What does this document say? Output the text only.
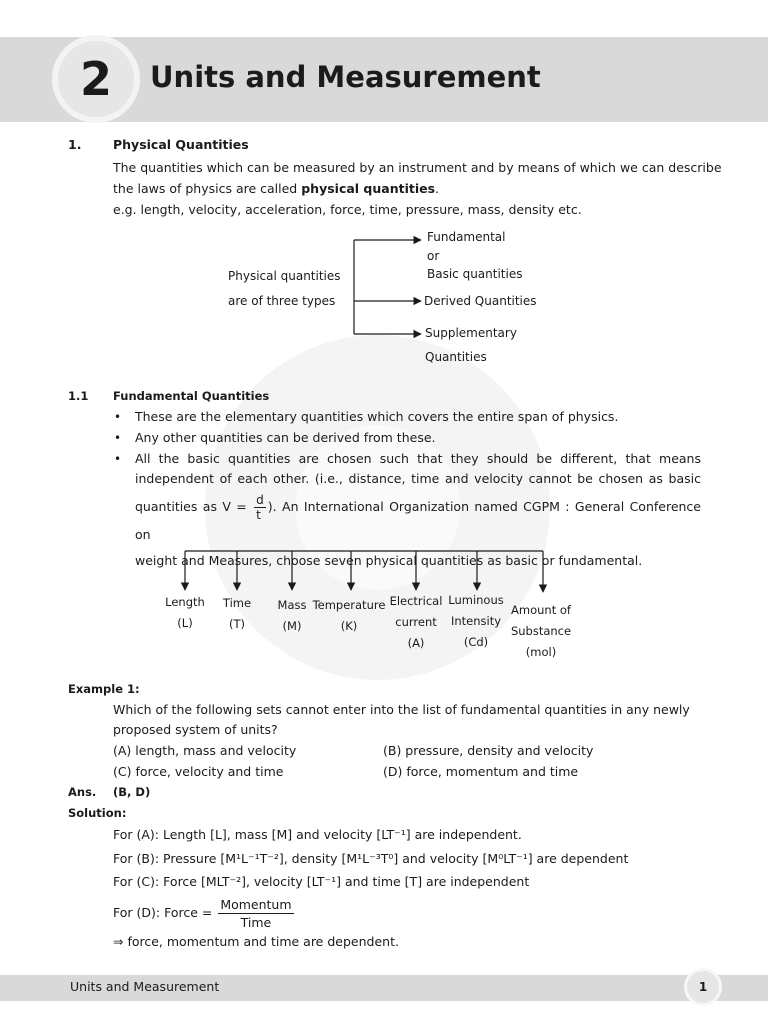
2	Units and Measurement
1.	Physical Quantities
The quantities which can be measured by an instrument and by means of which we can describe
the laws of physics are called physical quantities.
e.g. length, velocity, acceleration, force, time, pressure, mass, density etc.
Physical quantities
are of three types
Fundamental
or
Basic quantities
Derived Quantities
Supplementary
Quantities
1.1 Fundamental Quantities
• These are the elementary quantities which covers the entire span of physics.
• Any other quantities can be derived from these.
• All the basic quantities are chosen such that they should be different, that means
independent of each other. (i.e., distance, time and velocity cannot be chosen as basic
quantities as $V = \frac{d}{t}$ ). An International Organization named CGPM : General Conference on
weight and Measures, choose seven physical quantities as basic or fundamental.
Length
(L)
Time
(T)
Mass
(M)
Temperature
(K)
Electrical
current
(A)
Luminous
Intensity
(Cd)
Amount of
Substance
(mol)
Example 1:
Which of the following sets cannot enter into the list of fundamental quantities in any newly
proposed system of units?
(A) length, mass and velocity	(B) pressure, density and velocity
(C) force, velocity and time	(D) force, momentum and time
Ans. (B, D)
Solution:
For (A): Length [L], mass [M] and velocity [LT⁻¹] are independent.
For (B): Pressure [M¹L⁻¹T⁻²], density [M¹L⁻³T⁰] and velocity [M⁰LT⁻¹] are dependent
For (C): Force [MLT⁻²], velocity [LT⁻¹] and time [T] are independent
For (D): Force = $\frac{\text{Momentum}}{\text{Time}}$
⇒ force, momentum and time are dependent.
Units and Measurement	1
